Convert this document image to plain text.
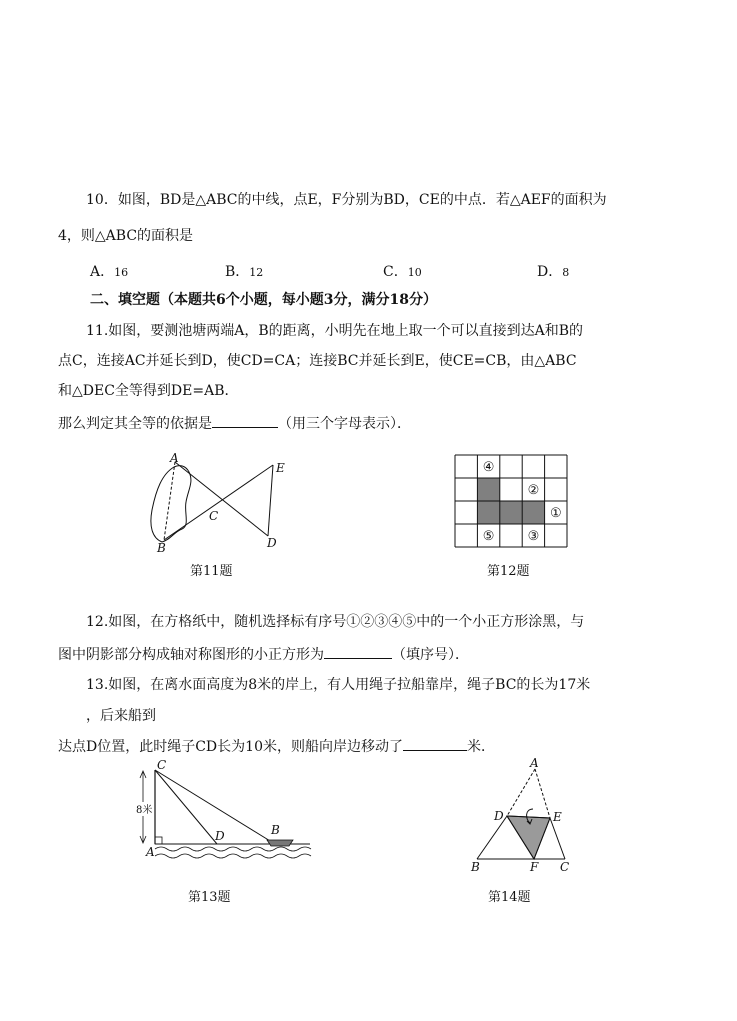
10．如图，BD是△ABC的中线，点E，F分别为BD，CE的中点．若△AEF的面积为
4，则△ABC的面积是
A．16	B．12	C．10	D．8
二、填空题（本题共6个小题，每小题3分，满分18分）
11.如图，要测池塘两端A，B的距离，小明先在地上取一个可以直接到达A和B的
点C，连接AC并延长到D，使CD=CA；连接BC并延长到E，使CE=CB，由△ABC
和△DEC全等得到DE=AB．
那么判定其全等的依据是	（用三个字母表示）．
A
B
C
D
E
第11题
④
②
①
⑤	③
第12题
12.如图，在方格纸中，随机选择标有序号①②③④⑤中的一个小正方形涂黑，与
图中阴影部分构成轴对称图形的小正方形为	（填序号）．
13.如图，在离水面高度为8米的岸上，有人用绳子拉船靠岸，绳子BC的长为17米
，后来船到
达点D位置，此时绳子CD长为10米，则船向岸边移动了	米．
8米
C
A
D	B
第13题
A
D	E
B	F C
第14题
